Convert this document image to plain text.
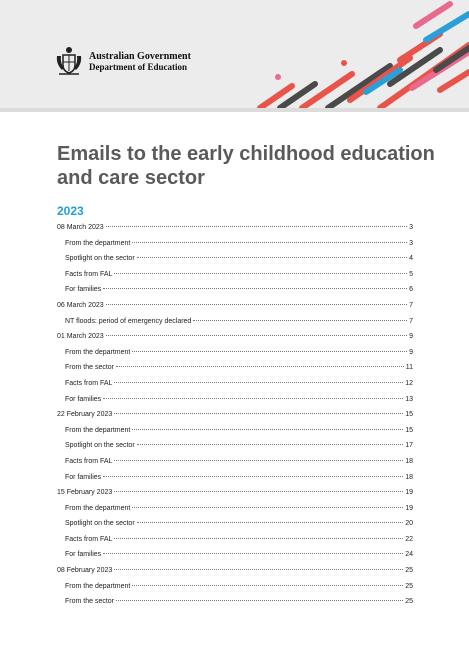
Australian Government
Department of Education
Emails to the early childhood education and care sector
2023
08 March 2023	3
From the department	3
Spotlight on the sector	4
Facts from FAL	5
For families	6
06 March 2023	7
NT floods: period of emergency declared	7
01 March 2023	9
From the department	9
From the sector	11
Facts from FAL	12
For families	13
22 February 2023	15
From the department	15
Spotlight on the sector	17
Facts from FAL	18
For families	18
15 February 2023	19
From the department	19
Spotlight on the sector	20
Facts from FAL	22
For families	24
08 February 2023	25
From the department	25
From the sector	25
